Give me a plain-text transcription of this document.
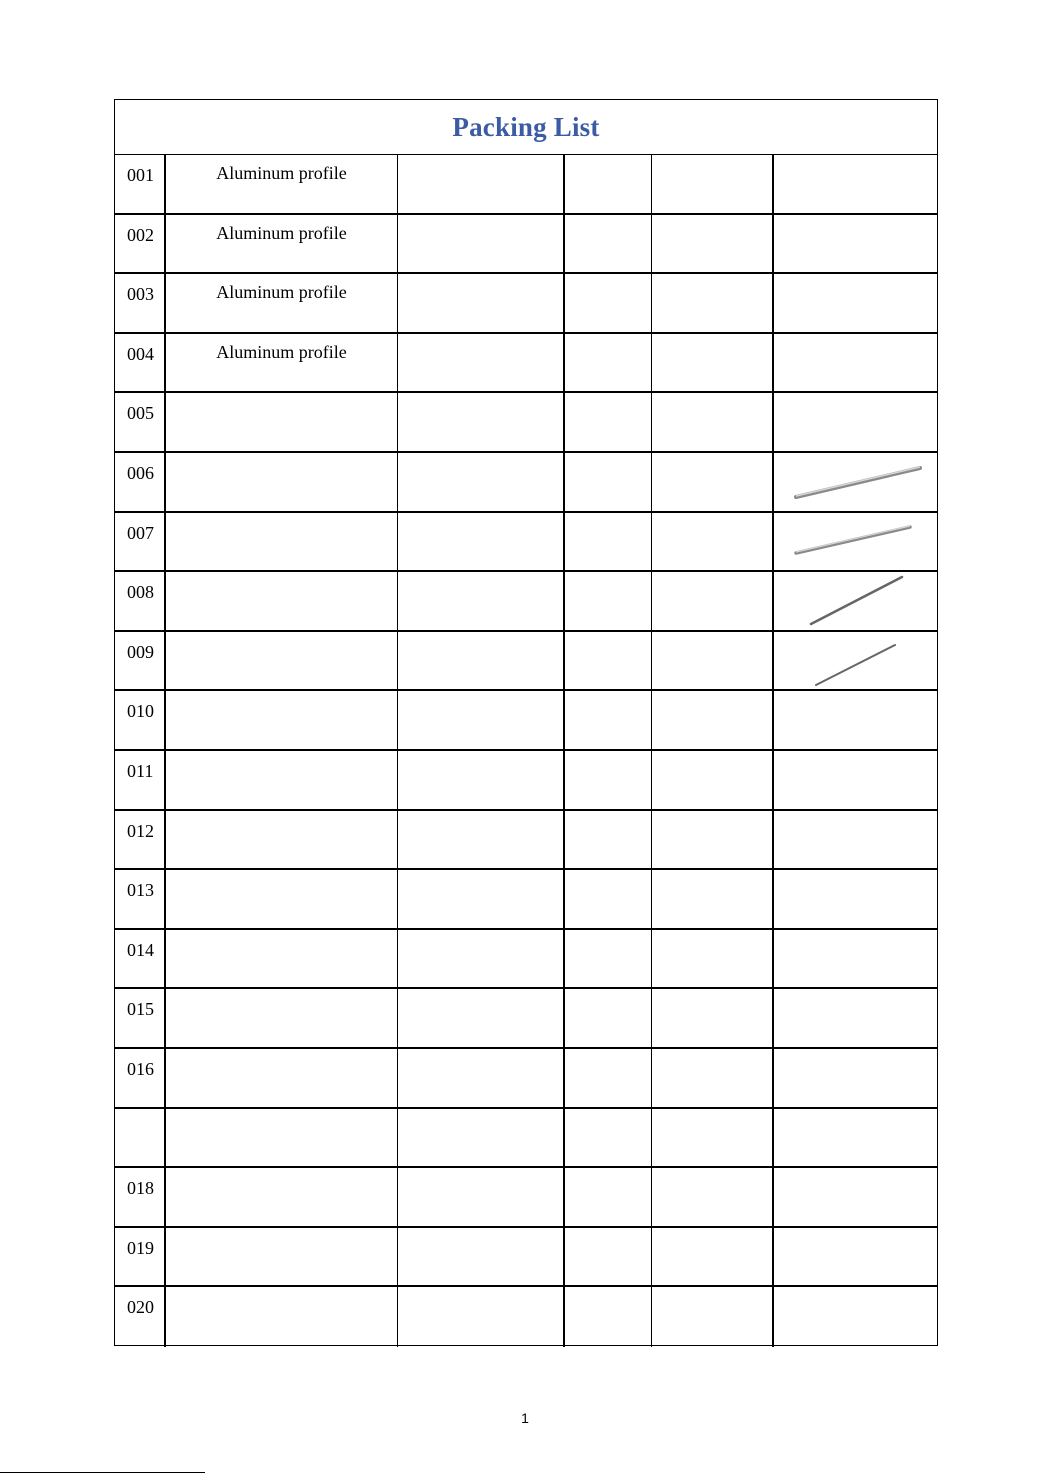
Packing List
001	Aluminum profile
002	Aluminum profile
003	Aluminum profile
004	Aluminum profile
005
006
007
008
009
010
011
012
013
014
015
016
018
019
020
1
